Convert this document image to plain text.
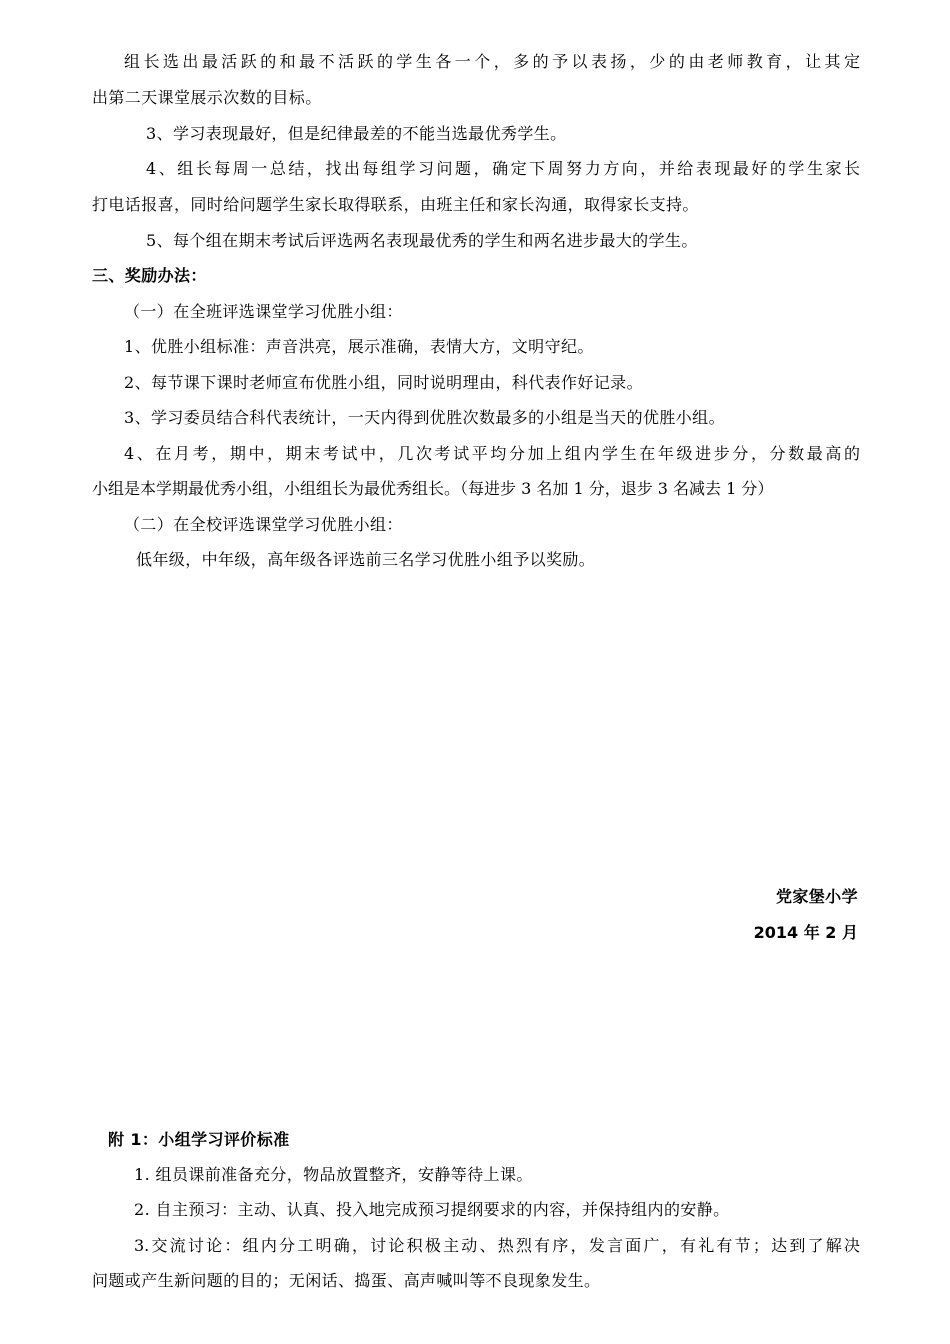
组长选出最活跃的和最不活跃的学生各一个，多的予以表扬，少的由老师教育，让其定
出第二天课堂展示次数的目标。
3、学习表现最好，但是纪律最差的不能当选最优秀学生。
4、组长每周一总结，找出每组学习问题，确定下周努力方向，并给表现最好的学生家长
打电话报喜，同时给问题学生家长取得联系，由班主任和家长沟通，取得家长支持。
5、每个组在期末考试后评选两名表现最优秀的学生和两名进步最大的学生。
三、奖励办法：
（一）在全班评选课堂学习优胜小组：
1、优胜小组标准：声音洪亮，展示准确，表情大方，文明守纪。
2、每节课下课时老师宣布优胜小组，同时说明理由，科代表作好记录。
3、学习委员结合科代表统计，一天内得到优胜次数最多的小组是当天的优胜小组。
4、在月考，期中，期末考试中，几次考试平均分加上组内学生在年级进步分，分数最高的
小组是本学期最优秀小组，小组组长为最优秀组长。（每进步 3 名加 1 分，退步 3 名减去 1 分）
（二）在全校评选课堂学习优胜小组：
低年级，中年级，高年级各评选前三名学习优胜小组予以奖励。
党家堡小学
2014 年 2 月
附 1：小组学习评价标准
1. 组员课前准备充分，物品放置整齐，安静等待上课。
2. 自主预习：主动、认真、投入地完成预习提纲要求的内容，并保持组内的安静。
3.交流讨论：组内分工明确，讨论积极主动、热烈有序，发言面广，有礼有节；达到了解决
问题或产生新问题的目的；无闲话、捣蛋、高声喊叫等不良现象发生。
